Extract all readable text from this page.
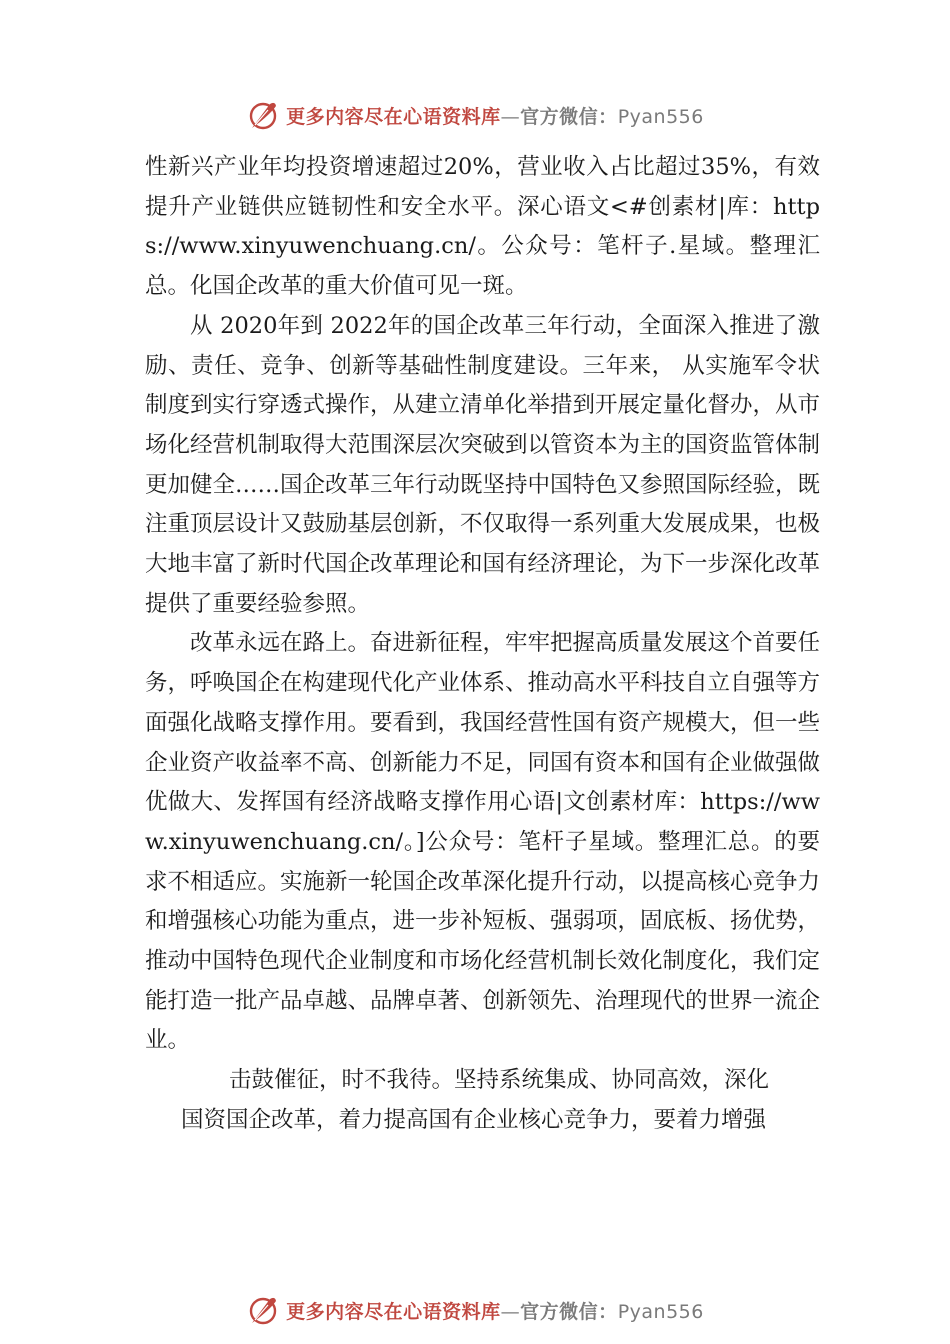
更多内容尽在心语资料库—官方微信：Pyan556

性新兴产业年均投资增速超过20%，营业收入占比超过35%，有效提升产业链供应链韧性和安全水平。深心语文<#创素材|库：https://www.xinyuwenchuang.cn/。公众号：笔杆子.星域。整理汇总。化国企改革的重大价值可见一斑。

从 2020年到 2022年的国企改革三年行动，全面深入推进了激励、责任、竞争、创新等基础性制度建设。三年来， 从实施军令状制度到实行穿透式操作，从建立清单化举措到开展定量化督办，从市场化经营机制取得大范围深层次突破到以管资本为主的国资监管体制更加健全……国企改革三年行动既坚持中国特色又参照国际经验，既注重顶层设计又鼓励基层创新，不仅取得一系列重大发展成果，也极大地丰富了新时代国企改革理论和国有经济理论，为下一步深化改革提供了重要经验参照。

改革永远在路上。奋进新征程，牢牢把握高质量发展这个首要任务，呼唤国企在构建现代化产业体系、推动高水平科技自立自强等方面强化战略支撑作用。要看到，我国经营性国有资产规模大，但一些企业资产收益率不高、创新能力不足，同国有资本和国有企业做强做优做大、发挥国有经济战略支撑作用心语|文创素材库：https://www.xinyuwenchuang.cn/。]公众号：笔杆子星域。整理汇总。的要求不相适应。实施新一轮国企改革深化提升行动，以提高核心竞争力和增强核心功能为重点，进一步补短板、强弱项，固底板、扬优势，推动中国特色现代企业制度和市场化经营机制长效化制度化，我们定能打造一批产品卓越、品牌卓著、创新领先、治理现代的世界一流企业。

击鼓催征，时不我待。坚持系统集成、协同高效，深化
国资国企改革，着力提高国有企业核心竞争力，要着力增强

更多内容尽在心语资料库—官方微信：Pyan556
